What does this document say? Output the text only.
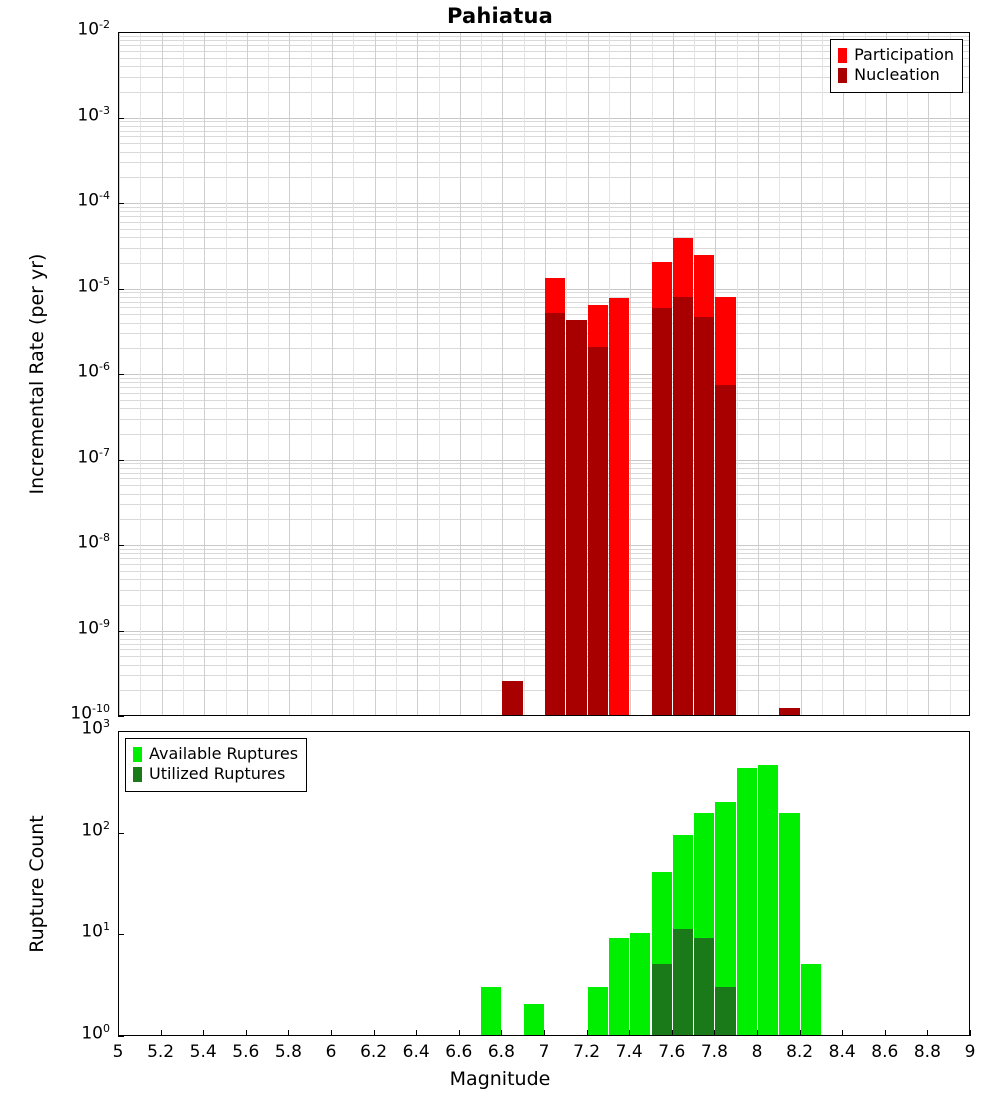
Pahiatua
Participation
Nucleation
Available Ruptures
Utilized Ruptures
$10^{-2}$
$10^{-3}$
$10^{-4}$
$10^{-5}$
$10^{-6}$
$10^{-7}$
$10^{-8}$
$10^{-9}$
$10^{-10}$
$10^3$
$10^2$
$10^1$
$10^0$
5 5.2 5.4 5.6 5.8 6 6.2 6.4 6.6 6.8 7 7.2 7.4 7.6 7.8 8 8.2 8.4 8.6 8.8 9
Incremental Rate (per yr)
Rupture Count
Magnitude
